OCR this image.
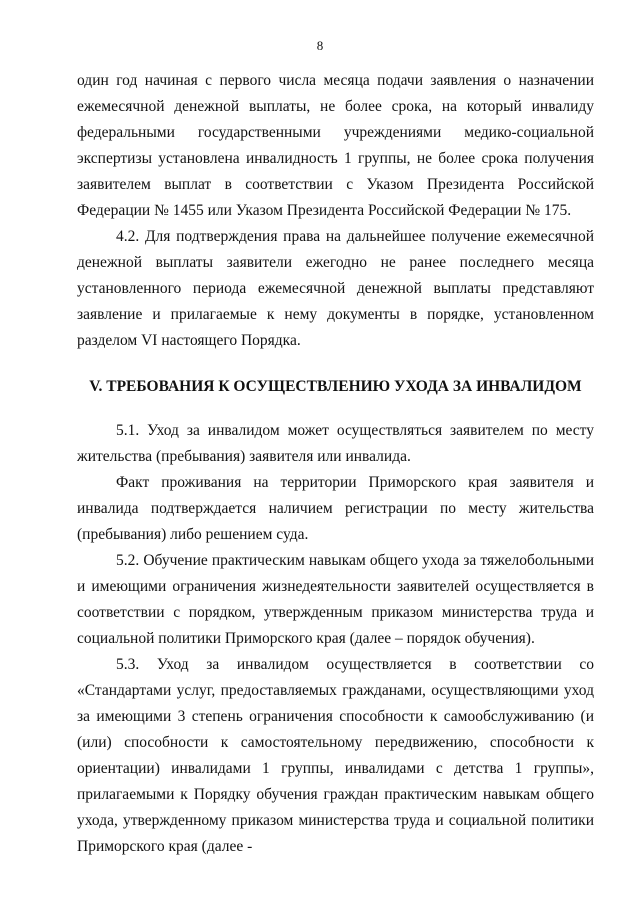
8

один год начиная с первого числа месяца подачи заявления о назначении ежемесячной денежной выплаты, не более срока, на который инвалиду федеральными государственными учреждениями медико-социальной экспертизы установлена инвалидность 1 группы, не более срока получения заявителем выплат в соответствии с Указом Президента Российской Федерации № 1455 или Указом Президента Российской Федерации № 175.

4.2. Для подтверждения права на дальнейшее получение ежемесячной денежной выплаты заявители ежегодно не ранее последнего месяца установленного периода ежемесячной денежной выплаты представляют заявление и прилагаемые к нему документы в порядке, установленном разделом VI настоящего Порядка.

V. ТРЕБОВАНИЯ К ОСУЩЕСТВЛЕНИЮ УХОДА ЗА ИНВАЛИДОМ

5.1. Уход за инвалидом может осуществляться заявителем по месту жительства (пребывания) заявителя или инвалида.

Факт проживания на территории Приморского края заявителя и инвалида подтверждается наличием регистрации по месту жительства (пребывания) либо решением суда.

5.2. Обучение практическим навыкам общего ухода за тяжелобольными и имеющими ограничения жизнедеятельности заявителей осуществляется в соответствии с порядком, утвержденным приказом министерства труда и социальной политики Приморского края (далее – порядок обучения).

5.3. Уход за инвалидом осуществляется в соответствии со «Стандартами услуг, предоставляемых гражданами, осуществляющими уход за имеющими 3 степень ограничения способности к самообслуживанию (и (или) способности к самостоятельному передвижению, способности к ориентации) инвалидами 1 группы, инвалидами с детства 1 группы», прилагаемыми к Порядку обучения граждан практическим навыкам общего ухода, утвержденному приказом министерства труда и социальной политики Приморского края (далее -
